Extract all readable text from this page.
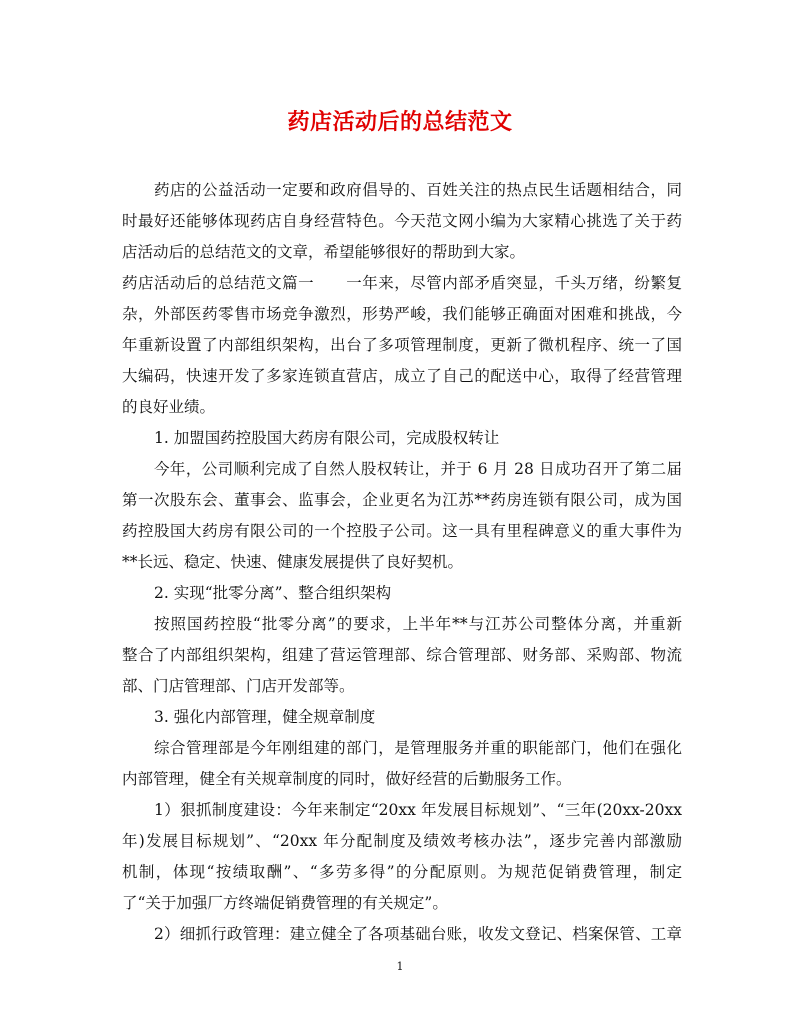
药店活动后的总结范文
药店的公益活动一定要和政府倡导的、百姓关注的热点民生话题相结合，同
时最好还能够体现药店自身经营特色。今天范文网小编为大家精心挑选了关于药
店活动后的总结范文的文章，希望能够很好的帮助到大家。
药店活动后的总结范文篇一　　一年来，尽管内部矛盾突显，千头万绪，纷繁复
杂，外部医药零售市场竞争激烈，形势严峻，我们能够正确面对困难和挑战，今
年重新设置了内部组织架构，出台了多项管理制度，更新了微机程序、统一了国
大编码，快速开发了多家连锁直营店，成立了自己的配送中心，取得了经营管理
的良好业绩。
1. 加盟国药控股国大药房有限公司，完成股权转让
今年，公司顺利完成了自然人股权转让，并于 6 月 28 日成功召开了第二届
第一次股东会、董事会、监事会，企业更名为江苏**药房连锁有限公司，成为国
药控股国大药房有限公司的一个控股子公司。这一具有里程碑意义的重大事件为
**长远、稳定、快速、健康发展提供了良好契机。
2. 实现“批零分离”、整合组织架构
按照国药控股“批零分离”的要求，上半年**与江苏公司整体分离，并重新
整合了内部组织架构，组建了营运管理部、综合管理部、财务部、采购部、物流
部、门店管理部、门店开发部等。
3. 强化内部管理，健全规章制度
综合管理部是今年刚组建的部门，是管理服务并重的职能部门，他们在强化
内部管理，健全有关规章制度的同时，做好经营的后勤服务工作。
1）狠抓制度建设：今年来制定“20xx 年发展目标规划”、“三年(20xx-20xx
年)发展目标规划”、“20xx 年分配制度及绩效考核办法”，逐步完善内部激励
机制，体现“按绩取酬”、“多劳多得”的分配原则。为规范促销费管理，制定
了“关于加强厂方终端促销费管理的有关规定”。
2）细抓行政管理：建立健全了各项基础台账，收发文登记、档案保管、工章
1
